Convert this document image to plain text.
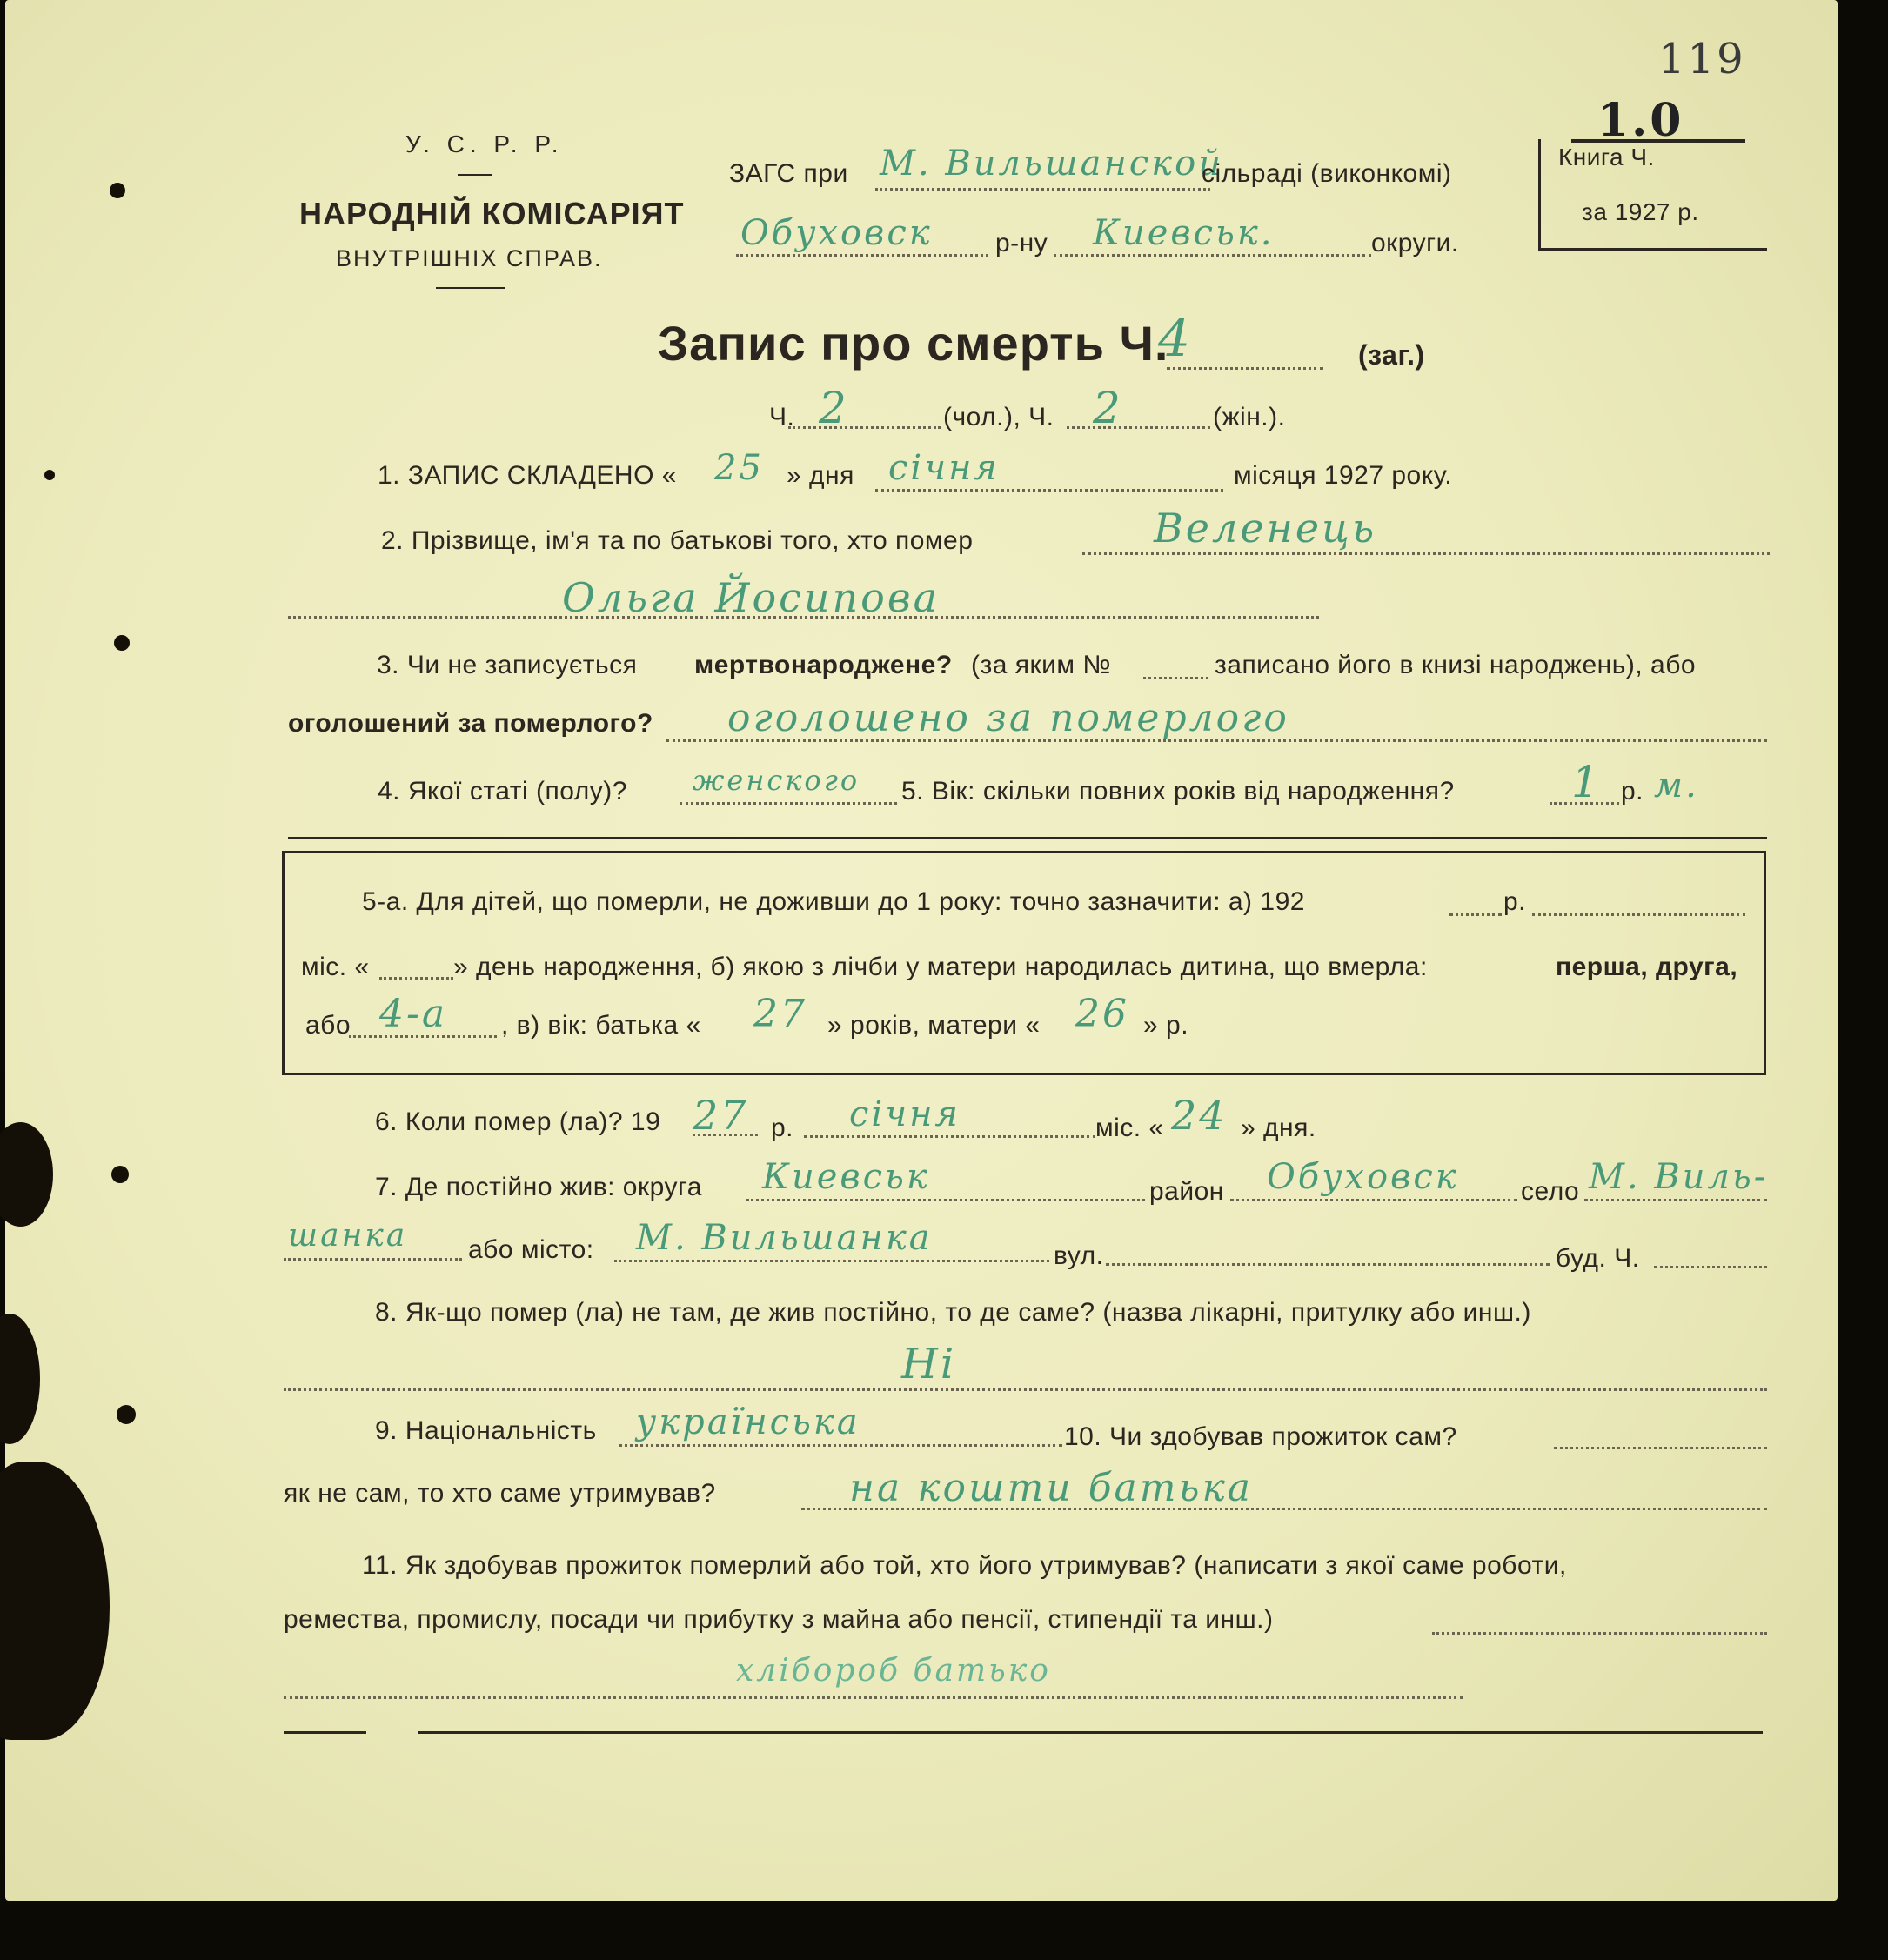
У. С. Р. Р.
НАРОДНІЙ КОМІСАРІЯТ
ВНУТРІШНІХ СПРАВ.
ЗАГС при М. Вильшанской
сільраді (виконкомі)
Обуховск р-ну Киевськ.	округи.
119
1.0
Книга Ч.
за 1927 р.
Запис про смерть Ч.
4	(заг.)
Ч. 2	(чол.), Ч. 2	(жін.).
1. ЗАПИС СКЛАДЕНО « 25 » дня січня	місяця 1927 року.
2. Прізвище, ім'я та по батькові того, хто помер	Веленець
Ольга Йосипова
3. Чи не записується мертвонароджене? (за яким №	записано його в книзі народжень), або
оголошений за померлого? оголошено за померлого
4. Якої статі (полу)? женского 5. Вік: скільки повних років від народження?	1 р. м.
5-а. Для дітей, що померли, не доживши до 1 року: точно зазначити: а) 192	р.
міс. «	» день народження, б) якою з лічби у матери народилась дитина, що вмерла:	перша, друга,
або 4-а , в) вік: батька « 27 » років, матери « 26 » р.
6. Коли помер (ла)? 19 27 р. січня	міс. « 24 » дня.
7. Де постійно жив: округа Киевськ	район Обуховск село М. Виль-
шанка або місто: М. Вильшанка	вул.	буд. Ч.
8. Як-що помер (ла) не там, де жив постійно, то де саме? (назва лікарні, притулку або инш.)
Ні
9. Національність українська	10. Чи здобував прожиток сам?
як не сам, то хто саме утримував?	на кошти батька
11. Як здобував прожиток померлий або той, хто його утримував? (написати з якої саме роботи,
ремества, промислу, посади чи прибутку з майна або пенсії, стипендії та инш.)
хлібороб батько
